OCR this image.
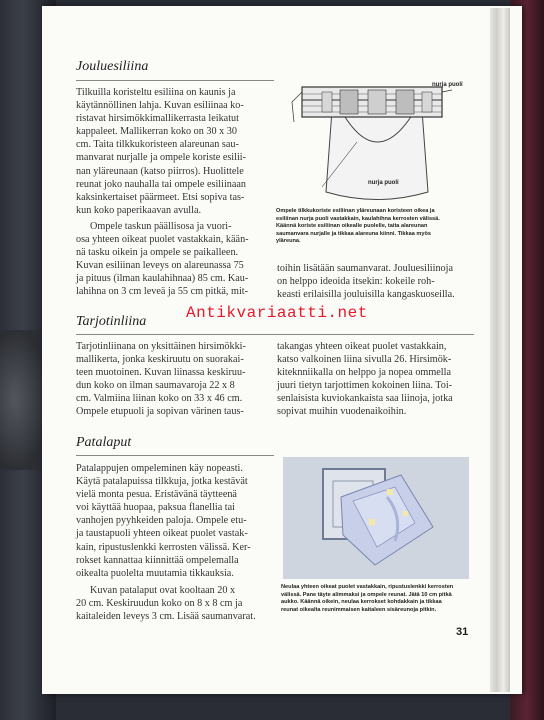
Jouluesiliina
Tilkuilla koristeltu esiliina on kaunis ja
käytännöllinen lahja. Kuvan esiliinaa ko-
ristavat hirsimökkimallikerrasta leikatut
kappaleet. Mallikerran koko on 30 x 30
cm. Taita tilkkukoristeen alareunan sau-
manvarat nurjalle ja ompele koriste esilii-
nan yläreunaan (katso piirros). Huolittele
reunat joko nauhalla tai ompele esiliinaan
kaksinkertaiset päärmeet. Etsi sopiva tas-
kun koko paperikaavan avulla.
Ompele taskun päällisosa ja vuori-
osa yhteen oikeat puolet vastakkain, kään-
nä tasku oikein ja ompele se paikalleen.
Kuvan esiliinan leveys on alareunassa 75
ja pituus (ilman kaulahihnaa) 85 cm. Kau-
lahihna on 3 cm leveä ja 55 cm pitkä, mit-
nurja puoli
nurja puoli
Ompele tilkkukoriste esiliinan yläreunaan koristeen oikea ja
esiliinan nurja puoli vastakkain, kaulahihna kerrosten välissä.
Käännä koriste esiliinan oikealle puolelle, taita alareunan
saumanvara nurjalle ja tikkaa alareuna kiinni. Tikkaa myös
yläreuna.
toihin lisätään saumanvarat. Jouluesiliinoja
on helppo ideoida itsekin: kokeile roh-
keasti erilaisilla jouluisilla kangaskuoseilla.
Antikvariaatti.net
Tarjotinliina
Tarjotinliinana on yksittäinen hirsimökki-
mallikerta, jonka keskiruutu on suorakai-
teen muotoinen. Kuvan liinassa keskiruu-
dun koko on ilman saumavaroja 22 x 8
cm. Valmiina liinan koko on 33 x 46 cm.
Ompele etupuoli ja sopivan värinen taus-
takangas yhteen oikeat puolet vastakkain,
katso valkoinen liina sivulla 26. Hirsimök-
kiteknniikalla on helppo ja nopea ommella
juuri tietyn tarjottimen kokoinen liina. Toi-
senlaisista kuviokankaista saa liinoja, jotka
sopivat muihin vuodenaikoihin.
Patalaput
Patalappujen ompeleminen käy nopeasti.
Käytä patalapuissa tilkkuja, jotka kestävät
vielä monta pesua. Eristävänä täytteenä
voi käyttää huopaa, paksua flanellia tai
vanhojen pyyhkeiden paloja. Ompele etu-
ja taustapuoli yhteen oikeat puolet vastak-
kain, ripustuslenkki kerrosten välissä. Ker-
rokset kannattaa kiinnittää ompelemalla
oikealta puolelta muutamia tikkauksia.
Kuvan patalaput ovat kooltaan 20 x
20 cm. Keskiruudun koko on 8 x 8 cm ja
kaitaleiden leveys 3 cm. Lisää saumanvarat.
Neulaa yhteen oikeat puolet vastakkain, ripustuslenkki kerrosten
välissä. Pane täyte alimmaksi ja ompele reunat. Jätä 10 cm pitkä
aukko. Käännä oikein, neulaa kerrokset kohdakkain ja tikkaa
reunat oikealta reunimmaisen kaitaleen sisäreunoja pitkin.
31
